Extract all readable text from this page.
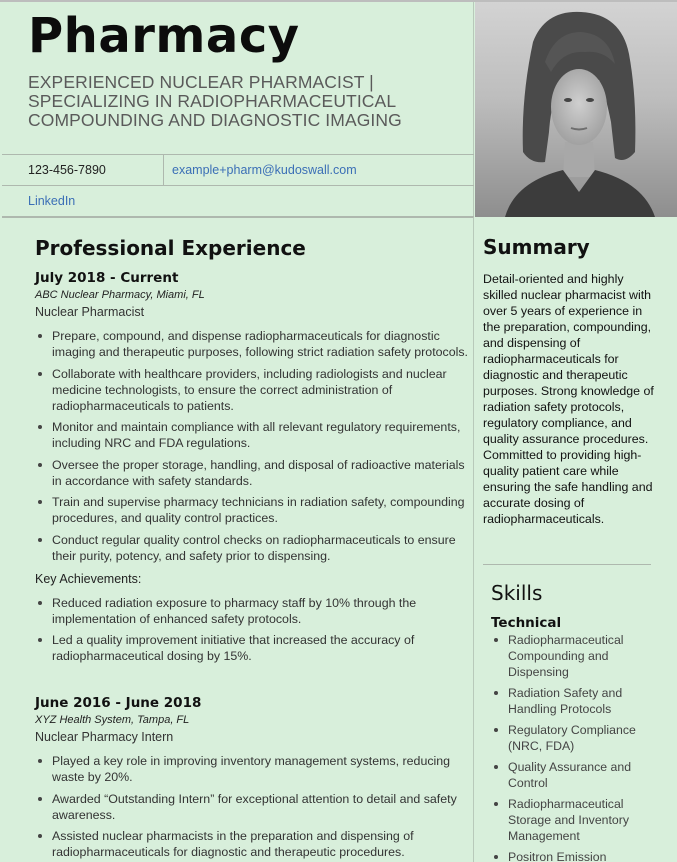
Pharmacy
EXPERIENCED NUCLEAR PHARMACIST | SPECIALIZING IN RADIOPHARMACEUTICAL COMPOUNDING AND DIAGNOSTIC IMAGING
123-456-7890	example+pharm@kudoswall.com
LinkedIn
Professional Experience
July 2018 - Current
ABC Nuclear Pharmacy, Miami, FL
Nuclear Pharmacist
Prepare, compound, and dispense radiopharmaceuticals for diagnostic imaging and therapeutic purposes, following strict radiation safety protocols.
Collaborate with healthcare providers, including radiologists and nuclear medicine technologists, to ensure the correct administration of radiopharmaceuticals to patients.
Monitor and maintain compliance with all relevant regulatory requirements, including NRC and FDA regulations.
Oversee the proper storage, handling, and disposal of radioactive materials in accordance with safety standards.
Train and supervise pharmacy technicians in radiation safety, compounding procedures, and quality control practices.
Conduct regular quality control checks on radiopharmaceuticals to ensure their purity, potency, and safety prior to dispensing.
Key Achievements:
Reduced radiation exposure to pharmacy staff by 10% through the implementation of enhanced safety protocols.
Led a quality improvement initiative that increased the accuracy of radiopharmaceutical dosing by 15%.
June 2016 - June 2018
XYZ Health System, Tampa, FL
Nuclear Pharmacy Intern
Played a key role in improving inventory management systems, reducing waste by 20%.
Awarded “Outstanding Intern” for exceptional attention to detail and safety awareness.
Assisted nuclear pharmacists in the preparation and dispensing of radiopharmaceuticals for diagnostic and therapeutic procedures.
Summary
Detail-oriented and highly skilled nuclear pharmacist with over 5 years of experience in the preparation, compounding, and dispensing of radiopharmaceuticals for diagnostic and therapeutic purposes. Strong knowledge of radiation safety protocols, regulatory compliance, and quality assurance procedures. Committed to providing high-quality patient care while ensuring the safe handling and accurate dosing of radiopharmaceuticals.
Skills
Technical
Radiopharmaceutical Compounding and Dispensing
Radiation Safety and Handling Protocols
Regulatory Compliance (NRC, FDA)
Quality Assurance and Control
Radiopharmaceutical Storage and Inventory Management
Positron Emission
